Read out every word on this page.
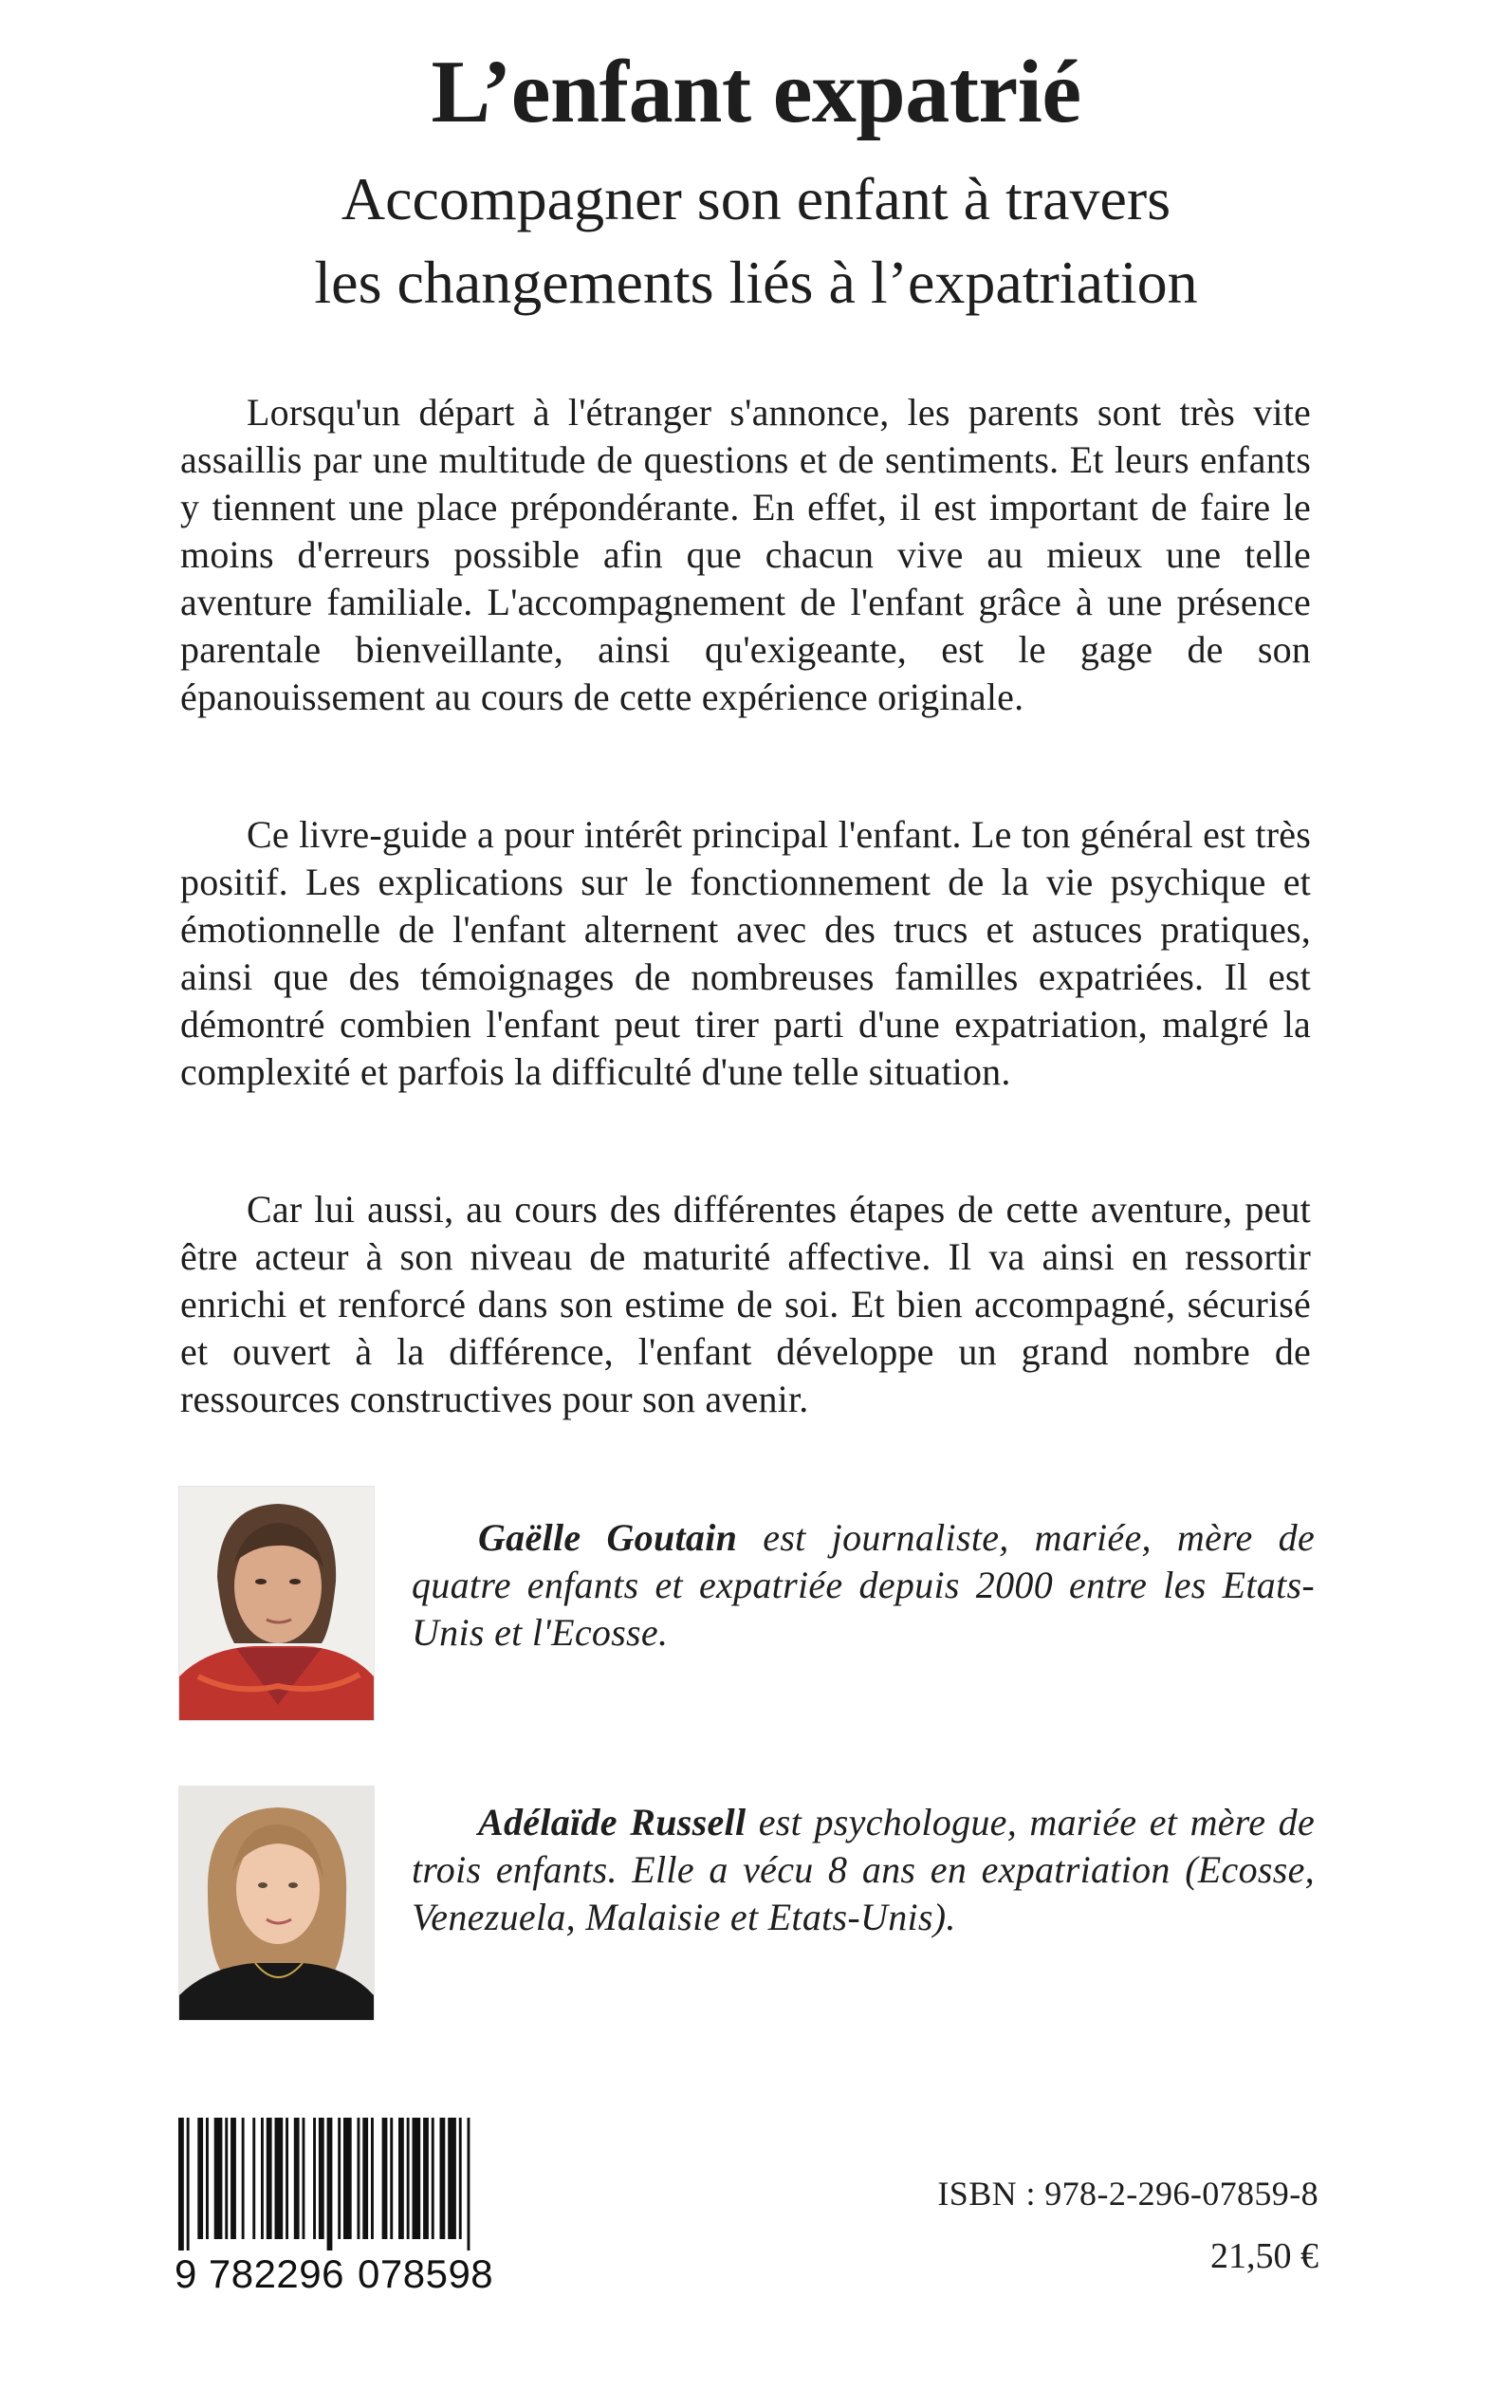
L’enfant expatrié
Accompagner son enfant à travers
les changements liés à l’expatriation

Lorsqu'un départ à l'étranger s'annonce, les parents sont très vite assaillis par une multitude de questions et de sentiments. Et leurs enfants y tiennent une place prépondérante. En effet, il est important de faire le moins d'erreurs possible afin que chacun vive au mieux une telle aventure familiale. L'accompagnement de l'enfant grâce à une présence parentale bienveillante, ainsi qu'exigeante, est le gage de son épanouissement au cours de cette expérience originale.

Ce livre-guide a pour intérêt principal l'enfant. Le ton général est très positif. Les explications sur le fonctionnement de la vie psychique et émotionnelle de l'enfant alternent avec des trucs et astuces pratiques, ainsi que des témoignages de nombreuses familles expatriées. Il est démontré combien l'enfant peut tirer parti d'une expatriation, malgré la complexité et parfois la difficulté d'une telle situation.

Car lui aussi, au cours des différentes étapes de cette aventure, peut être acteur à son niveau de maturité affective. Il va ainsi en ressortir enrichi et renforcé dans son estime de soi. Et bien accompagné, sécurisé et ouvert à la différence, l'enfant développe un grand nombre de ressources constructives pour son avenir.

Gaëlle Goutain est journaliste, mariée, mère de quatre enfants et expatriée depuis 2000 entre les Etats-Unis et l'Ecosse.

Adélaïde Russell est psychologue, mariée et mère de trois enfants. Elle a vécu 8 ans en expatriation (Ecosse, Venezuela, Malaisie et Etats-Unis).

9 782296 078598
ISBN : 978-2-296-07859-8
21,50 €
